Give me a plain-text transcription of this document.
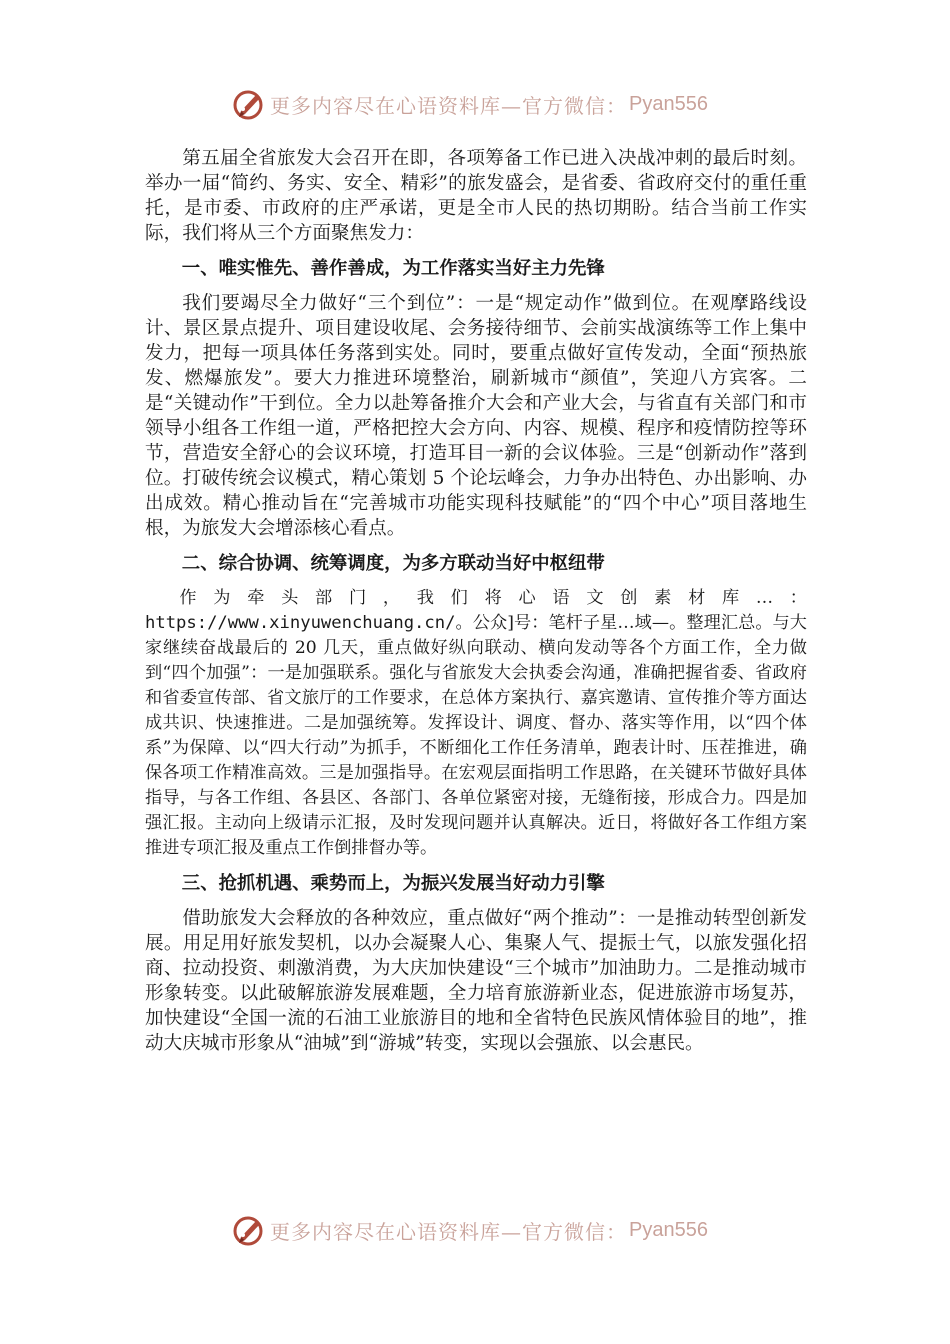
更多内容尽在心语资料库—官方微信： Pyan556

第五届全省旅发大会召开在即，各项筹备工作已进入决战冲刺的最后时刻。举办一届“简约、务实、安全、精彩”的旅发盛会，是省委、省政府交付的重任重托，是市委、市政府的庄严承诺，更是全市人民的热切期盼。结合当前工作实际，我们将从三个方面聚焦发力：

一、唯实惟先、善作善成，为工作落实当好主力先锋

我们要竭尽全力做好“三个到位”：一是“规定动作”做到位。在观摩路线设计、景区景点提升、项目建设收尾、会务接待细节、会前实战演练等工作上集中发力，把每一项具体任务落到实处。同时，要重点做好宣传发动，全面“预热旅发、燃爆旅发”。要大力推进环境整治，刷新城市“颜值”，笑迎八方宾客。二是“关键动作”干到位。全力以赴筹备推介大会和产业大会，与省直有关部门和市领导小组各工作组一道，严格把控大会方向、内容、规模、程序和疫情防控等环节，营造安全舒心的会议环境，打造耳目一新的会议体验。三是“创新动作”落到位。打破传统会议模式，精心策划 5 个论坛峰会，力争办出特色、办出影响、办出成效。精心推动旨在“完善城市功能实现科技赋能”的“四个中心”项目落地生根，为旅发大会增添核心看点。

二、综合协调、统筹调度，为多方联动当好中枢纽带

作为牵头部门，我们将心语文创素材库…：https://www.xinyuwenchuang.cn/。公众]号：笔杆子星…域—。整理汇总。与大家继续奋战最后的 20 几天，重点做好纵向联动、横向发动等各个方面工作，全力做到“四个加强”：一是加强联系。强化与省旅发大会执委会沟通，准确把握省委、省政府和省委宣传部、省文旅厅的工作要求，在总体方案执行、嘉宾邀请、宣传推介等方面达成共识、快速推进。二是加强统筹。发挥设计、调度、督办、落实等作用，以“四个体系”为保障、以“四大行动”为抓手，不断细化工作任务清单，跑表计时、压茬推进，确保各项工作精准高效。三是加强指导。在宏观层面指明工作思路，在关键环节做好具体指导，与各工作组、各县区、各部门、各单位紧密对接，无缝衔接，形成合力。四是加强汇报。主动向上级请示汇报，及时发现问题并认真解决。近日，将做好各工作组方案推进专项汇报及重点工作倒排督办等。

三、抢抓机遇、乘势而上，为振兴发展当好动力引擎

借助旅发大会释放的各种效应，重点做好“两个推动”：一是推动转型创新发展。用足用好旅发契机，以办会凝聚人心、集聚人气、提振士气，以旅发强化招商、拉动投资、刺激消费，为大庆加快建设“三个城市”加油助力。二是推动城市形象转变。以此破解旅游发展难题，全力培育旅游新业态，促进旅游市场复苏，加快建设“全国一流的石油工业旅游目的地和全省特色民族风情体验目的地”，推动大庆城市形象从“油城”到“游城”转变，实现以会强旅、以会惠民。

更多内容尽在心语资料库—官方微信： Pyan556
